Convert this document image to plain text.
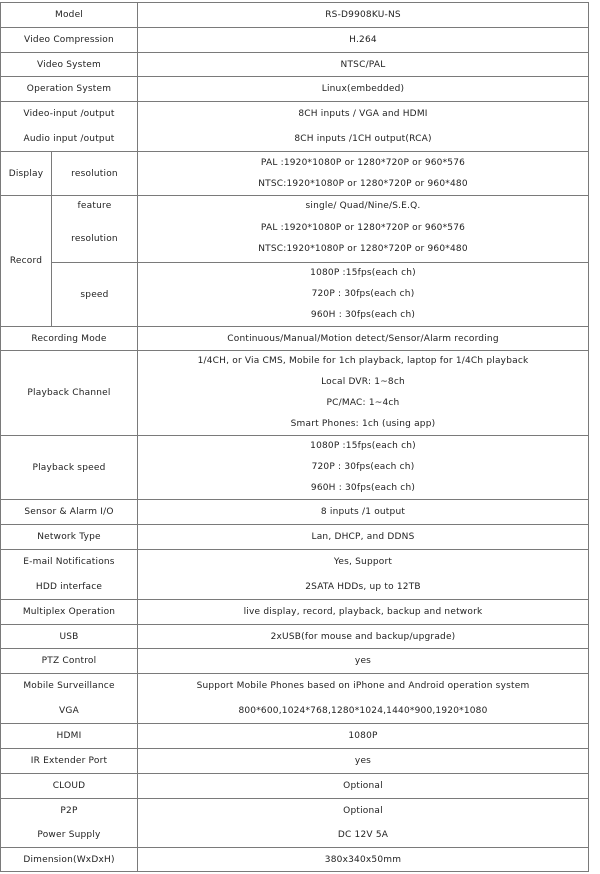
Model		RS-D9908KU-NS
Video Compression		H.264
Video System		NTSC/PAL
Operation System		Linux(embedded)
Video-input /output		8CH inputs / VGA and HDMI
Audio input /output		8CH inputs /1CH output(RCA)
Display	resolution	PAL :1920*1080P or 1280*720P or 960*576
NTSC:1920*1080P or 1280*720P or 960*480

Record	feature	single/ Quad/Nine/S.E.Q.
	resolution	PAL :1920*1080P or 1280*720P or 960*576
NTSC:1920*1080P or 1280*720P or 960*480

	speed	1080P :15fps(each ch)
720P : 30fps(each ch)
960H : 30fps(each ch)

Recording Mode		Continuous/Manual/Motion detect/Sensor/Alarm recording
Playback Channel		1/4CH, or Via CMS, Mobile for 1ch playback, laptop for 1/4Ch playback
Local DVR: 1~8ch
PC/MAC: 1~4ch
Smart Phones: 1ch (using app)

Playback speed		1080P :15fps(each ch)
720P : 30fps(each ch)
960H : 30fps(each ch)

Sensor & Alarm I/O		8 inputs /1 output
Network Type		Lan, DHCP, and DDNS
E-mail Notifications		Yes, Support
HDD interface		2SATA HDDs, up to 12TB
Multiplex Operation		live display, record, playback, backup and network
USB		2xUSB(for mouse and backup/upgrade)
PTZ Control		yes
Mobile Surveillance		Support Mobile Phones based on iPhone and Android operation system
VGA		800*600,1024*768,1280*1024,1440*900,1920*1080
HDMI		1080P
IR Extender Port		yes
CLOUD		Optional
P2P		Optional
Power Supply		DC 12V 5A
Dimension(WxDxH)		380x340x50mm
